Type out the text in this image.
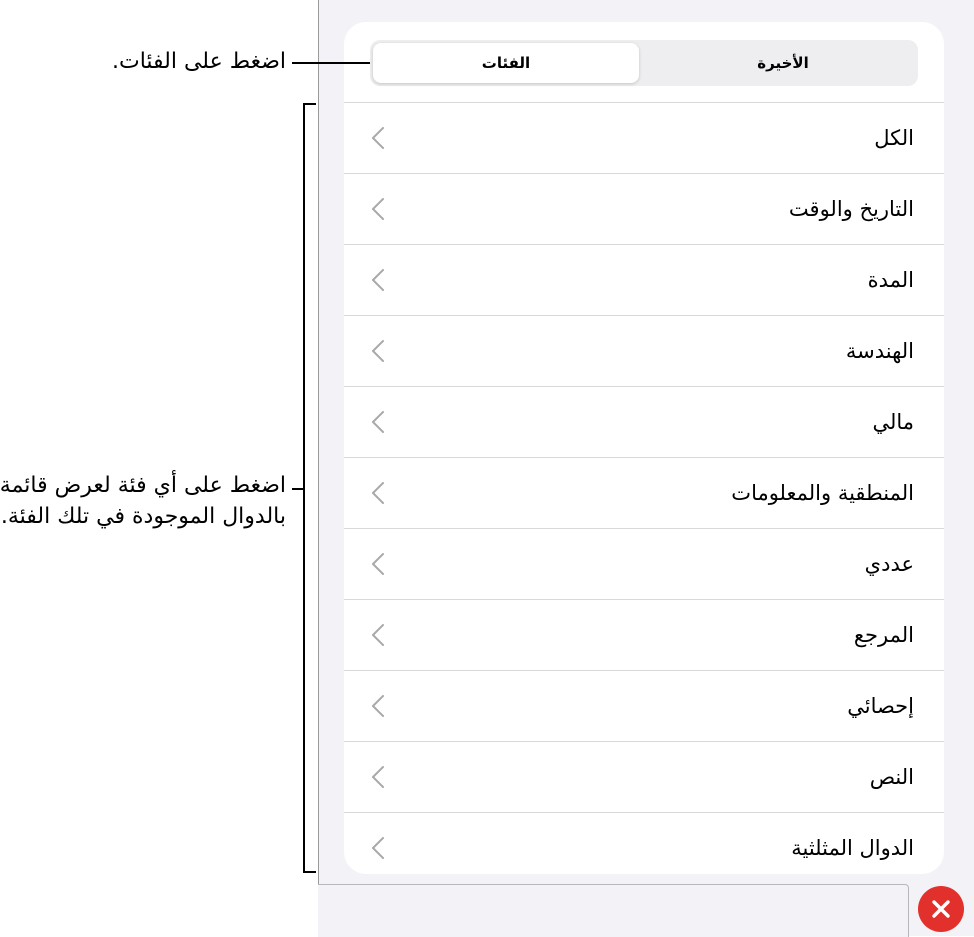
الأخيرة
الفئات
الكل
التاريخ والوقت
المدة
الهندسة
مالي
المنطقية والمعلومات
عددي
المرجع
إحصائي
النص
الدوال المثلثية
اضغط على الفئات.
اضغط على أي فئة لعرض قائمة بالدوال الموجودة في تلك الفئة.
